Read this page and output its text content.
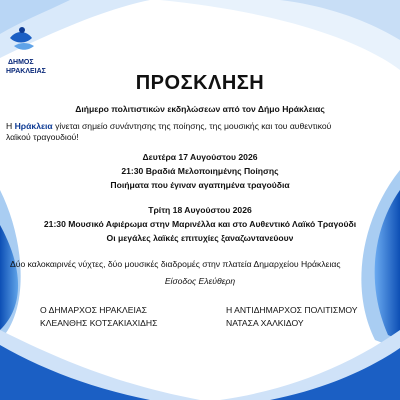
ΔΗΜΟΣ
ΗΡΑΚΛΕΙΑΣ
ΠΡΟΣΚΛΗΣΗ
Διήμερο πολιτιστικών εκδηλώσεων από τον Δήμο Ηράκλειας
Η Ηράκλεια γίνεται σημείο συνάντησης της ποίησης, της μουσικής και του αυθεντικού
λαϊκού τραγουδιού!
Δευτέρα 17 Αυγούστου 2026
21:30 Βραδιά Μελοποιημένης Ποίησης
Ποιήματα που έγιναν αγαπημένα τραγούδια
Τρίτη 18 Αυγούστου 2026
21:30 Μουσικό Αφιέρωμα στην Μαρινέλλα και στο Αυθεντικό Λαϊκό Τραγούδι
Οι μεγάλες λαϊκές επιτυχίες ξαναζωντανεύουν
Δύο καλοκαιρινές νύχτες, δύο μουσικές διαδρομές στην πλατεία Δημαρχείου Ηράκλειας
Είσοδος Ελεύθερη
Ο ΔΗΜΑΡΧΟΣ ΗΡΑΚΛΕΙΑΣ
ΚΛΕΑΝΘΗΣ ΚΟΤΣΑΚΙΑΧΙΔΗΣ
Η ΑΝΤΙΔΗΜΑΡΧΟΣ ΠΟΛΙΤΙΣΜΟΥ
ΝΑΤΑΣΑ ΧΑΛΚΙΔΟΥ
